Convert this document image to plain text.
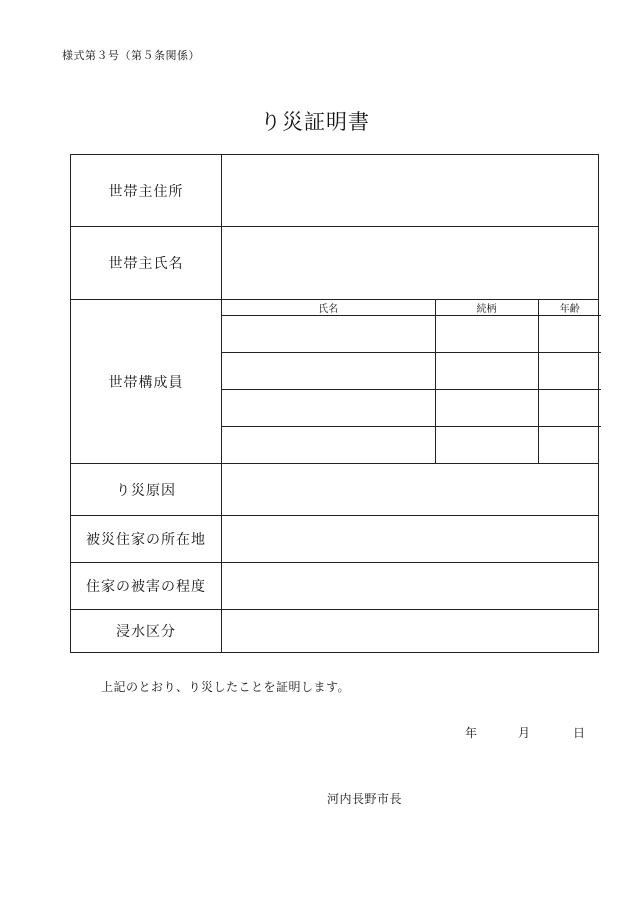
様式第３号（第５条関係）
り災証明書
世帯主住所	
世帯主氏名	
世帯構成員	
氏名	続柄	年齢

り災原因	
被災住家の所在地	
住家の被害の程度	
浸水区分	
上記のとおり、り災したことを証明します。
年	月	日
河内長野市長
